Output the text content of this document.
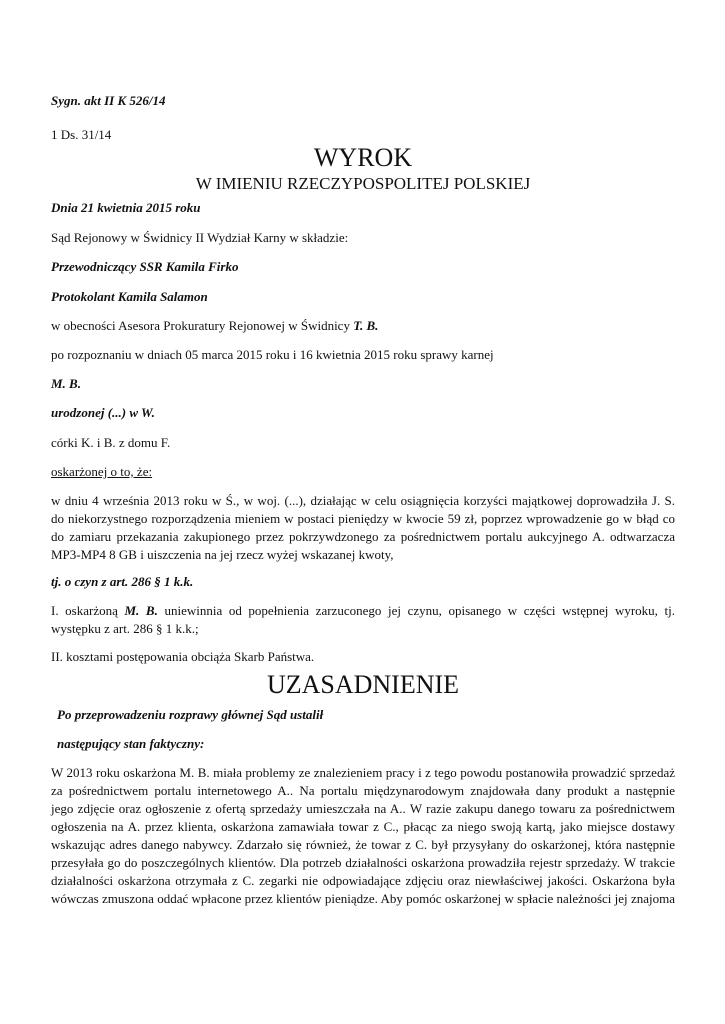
Sygn. akt II K 526/14

1 Ds. 31/14

WYROK

W IMIENIU RZECZYPOSPOLITEJ POLSKIEJ

Dnia 21 kwietnia 2015 roku

Sąd Rejonowy w Świdnicy II Wydział Karny w składzie:

Przewodniczący SSR Kamila Firko

Protokolant Kamila Salamon

w obecności Asesora Prokuratury Rejonowej w Świdnicy T. B.

po rozpoznaniu w dniach 05 marca 2015 roku i 16 kwietnia 2015 roku sprawy karnej

M. B.

urodzonej (...) w W.

córki K. i B. z domu F.

oskarżonej o to, że:

w dniu 4 września 2013 roku w Ś., w woj. (...), działając w celu osiągnięcia korzyści majątkowej doprowadziła J. S.

do niekorzystnego rozporządzenia mieniem w postaci pieniędzy w kwocie 59 zł, poprzez wprowadzenie go w błąd co

do zamiaru przekazania zakupionego przez pokrzywdzonego za pośrednictwem portalu aukcyjnego A. odtwarzacza

MP3-MP4 8 GB i uiszczenia na jej rzecz wyżej wskazanej kwoty,

tj. o czyn z art. 286 § 1 k.k.

I. oskarżoną M. B. uniewinnia od popełnienia zarzuconego jej czynu, opisanego w części wstępnej wyroku, tj.

występku z art. 286 § 1 k.k.;

II. kosztami postępowania obciąża Skarb Państwa.

UZASADNIENIE

Po przeprowadzeniu rozprawy głównej Sąd ustalił

następujący stan faktyczny:

W 2013 roku oskarżona M. B. miała problemy ze znalezieniem pracy i z tego powodu postanowiła prowadzić sprzedaż

za pośrednictwem portalu internetowego A.. Na portalu międzynarodowym znajdowała dany produkt a następnie

jego zdjęcie oraz ogłoszenie z ofertą sprzedaży umieszczała na A.. W razie zakupu danego towaru za pośrednictwem

ogłoszenia na A. przez klienta, oskarżona zamawiała towar z C., płacąc za niego swoją kartą, jako miejsce dostawy

wskazując adres danego nabywcy. Zdarzało się również, że towar z C. był przysyłany do oskarżonej, która następnie

przesyłała go do poszczególnych klientów. Dla potrzeb działalności oskarżona prowadziła rejestr sprzedaży. W trakcie

działalności oskarżona otrzymała z C. zegarki nie odpowiadające zdjęciu oraz niewłaściwej jakości. Oskarżona była

wówczas zmuszona oddać wpłacone przez klientów pieniądze. Aby pomóc oskarżonej w spłacie należności jej znajoma
